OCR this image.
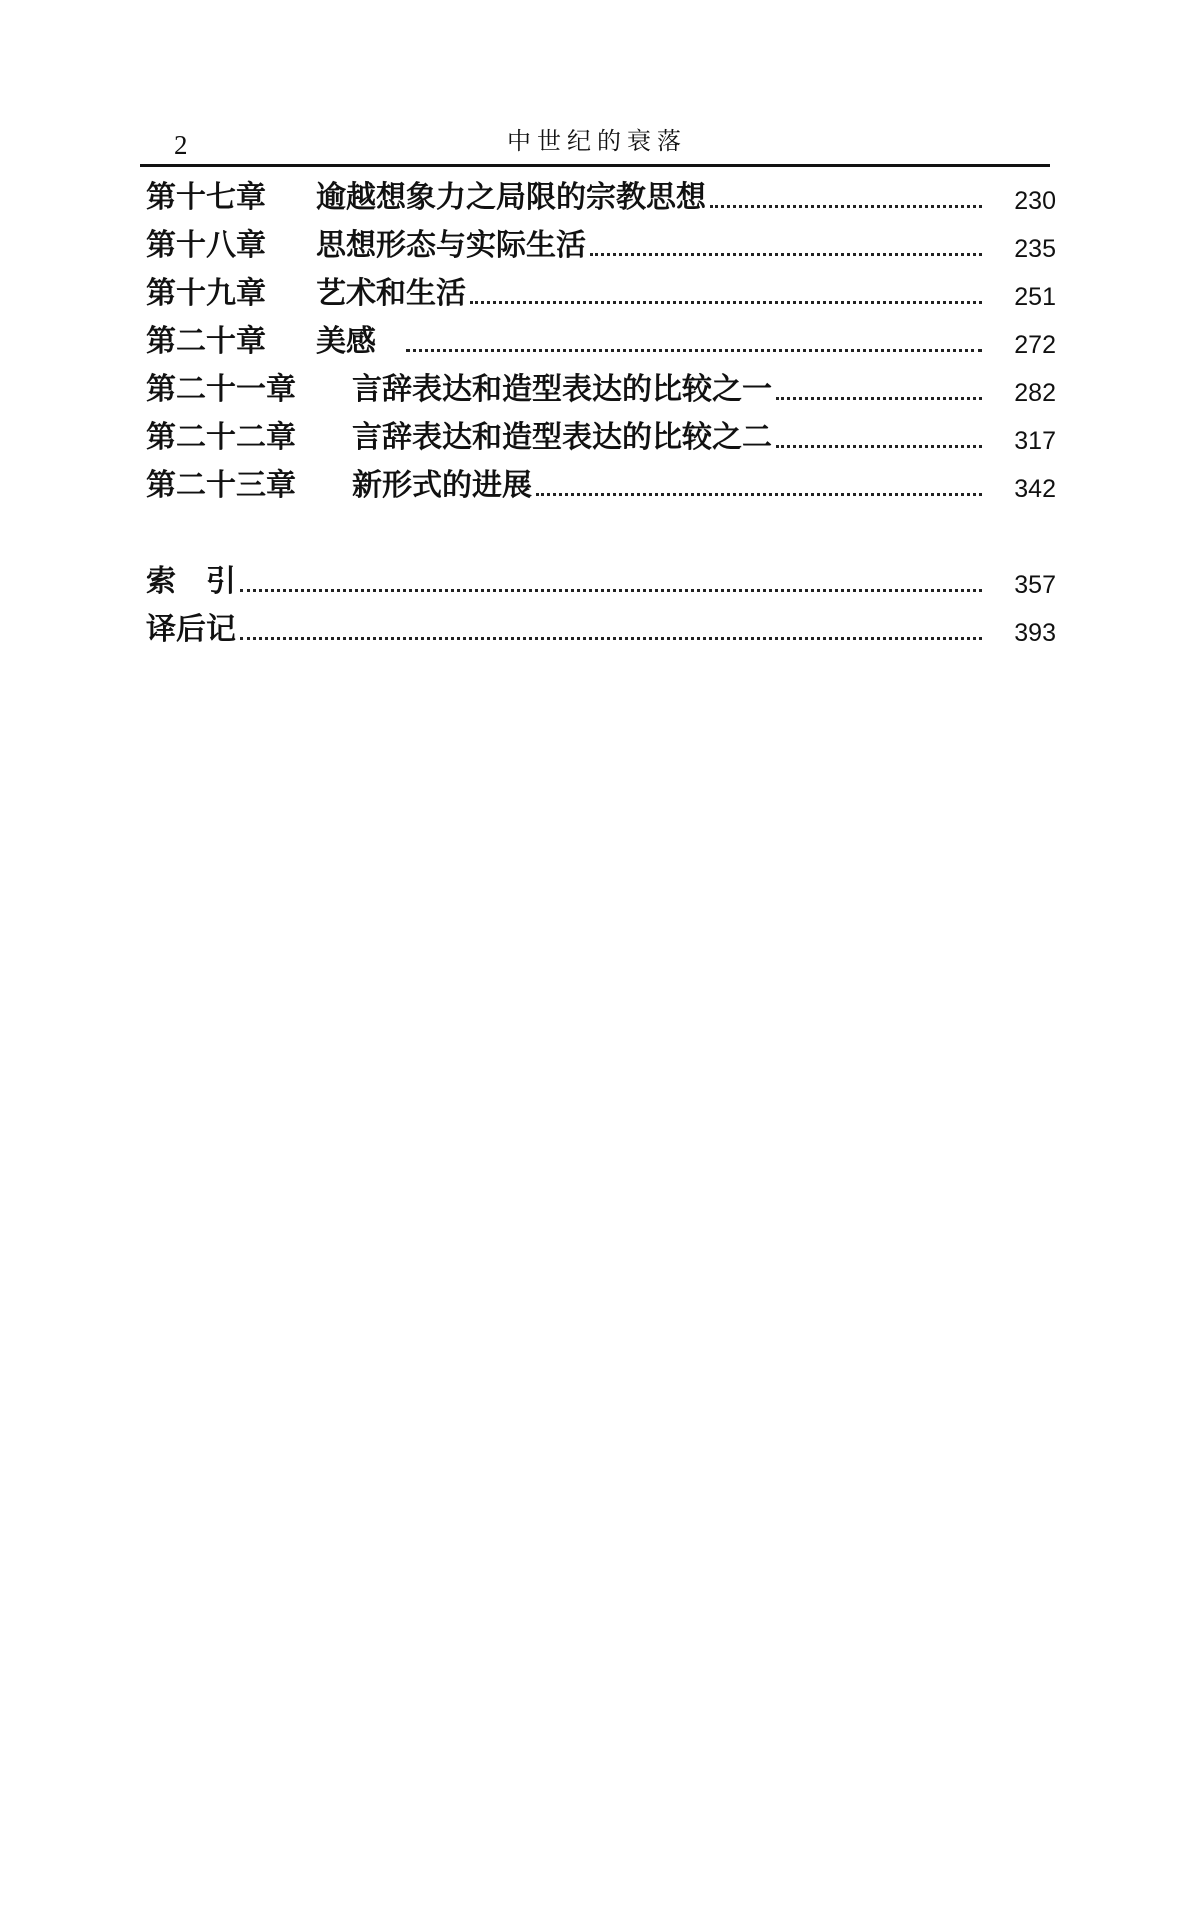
2	中世纪的衰落
第十七章	逾越想象力之局限的宗教思想	230
第十八章	思想形态与实际生活	235
第十九章	艺术和生活	251
第二十章	美感	272
第二十一章	言辞表达和造型表达的比较之一	282
第二十二章	言辞表达和造型表达的比较之二	317
第二十三章	新形式的进展	342
索　引	357
译后记	393
